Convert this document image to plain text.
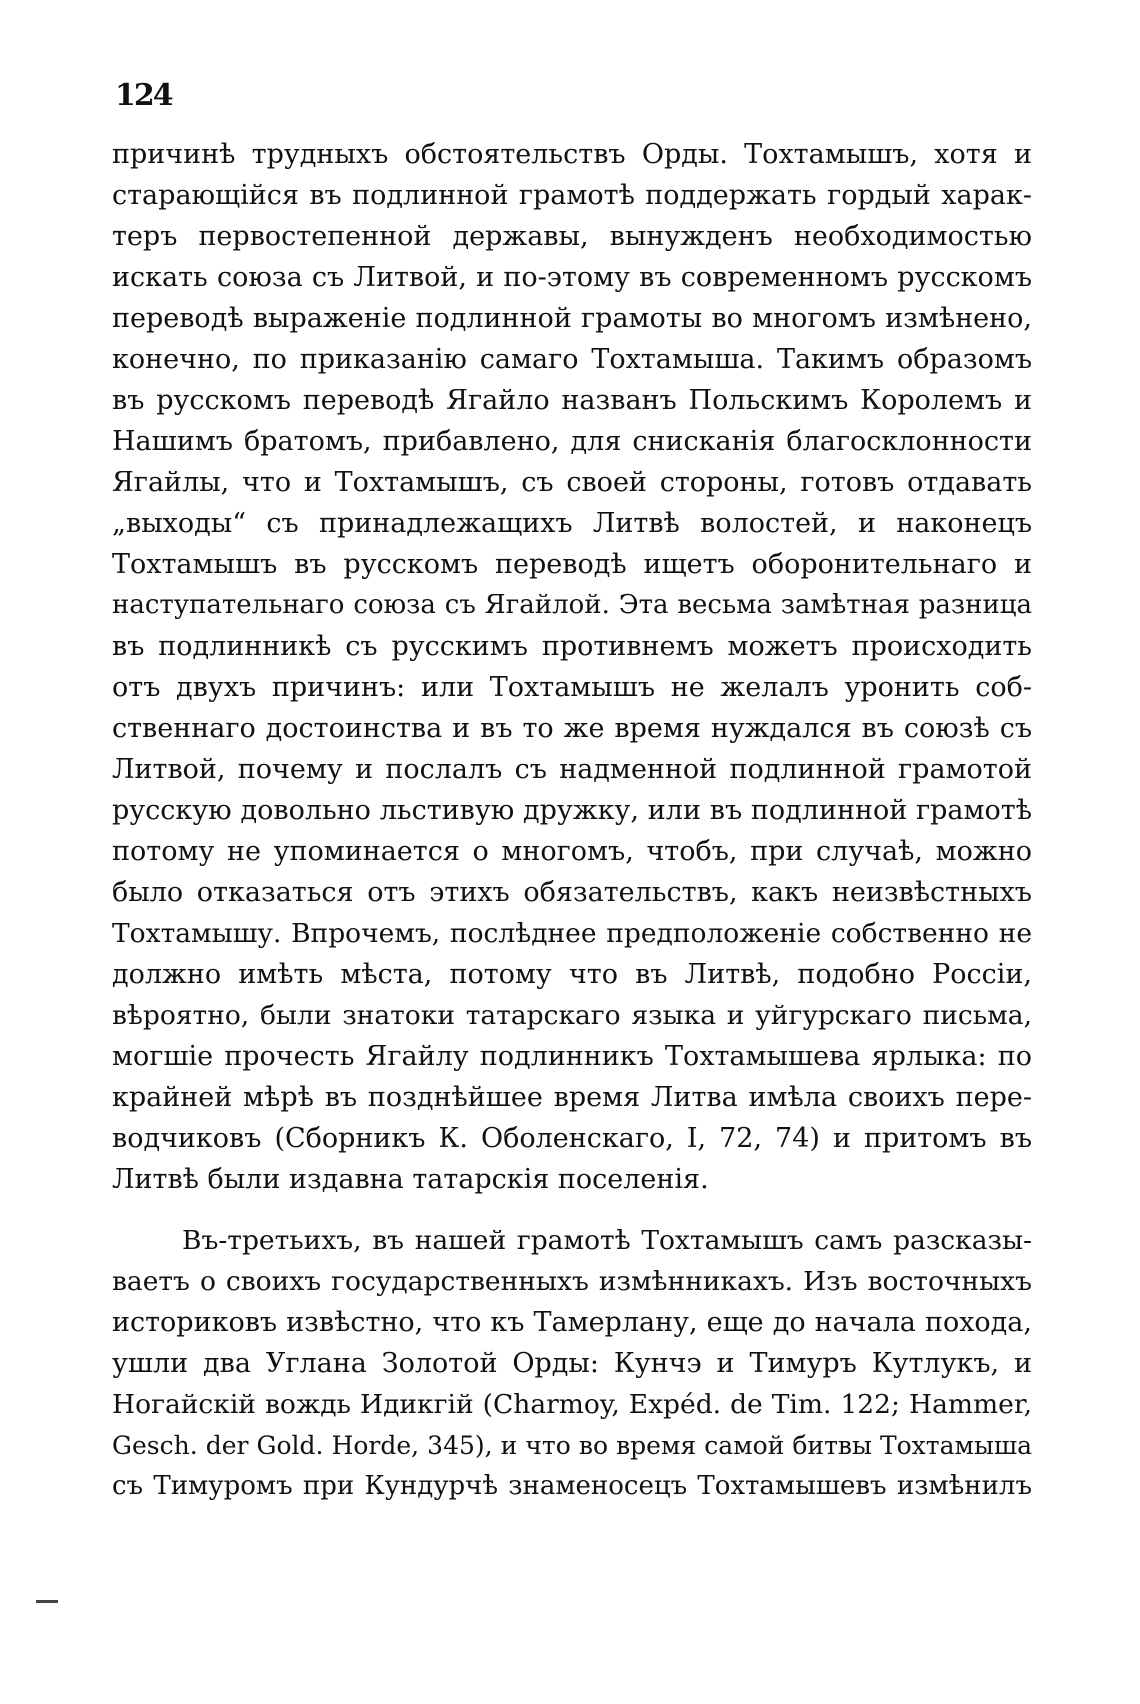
124
причинѣ трудныхъ обстоятельствъ Орды. Тохтамышъ, хотя и
старающійся въ подлинной грамотѣ поддержать гордый харак-
теръ первостепенной державы, вынужденъ необходимостью
искать союза съ Литвой, и по-этому въ современномъ русскомъ
переводѣ выраженіе подлинной грамоты во многомъ измѣнено,
конечно, по приказанію самаго Тохтамыша. Такимъ образомъ
въ русскомъ переводѣ Ягайло названъ Польскимъ Королемъ и
Нашимъ братомъ, прибавлено, для снисканія благосклонности
Ягайлы, что и Тохтамышъ, съ своей стороны, готовъ отдавать
„выходы“ съ принадлежащихъ Литвѣ волостей, и наконецъ
Тохтамышъ въ русскомъ переводѣ ищетъ оборонительнаго и
наступательнаго союза съ Ягайлой. Эта весьма замѣтная разница
въ подлинникѣ съ русскимъ противнемъ можетъ происходить
отъ двухъ причинъ: или Тохтамышъ не желалъ уронить соб-
ственнаго достоинства и въ то же время нуждался въ союзѣ съ
Литвой, почему и послалъ съ надменной подлинной грамотой
русскую довольно льстивую дружку, или въ подлинной грамотѣ
потому не упоминается о многомъ, чтобъ, при случаѣ, можно
было отказаться отъ этихъ обязательствъ, какъ неизвѣстныхъ
Тохтамышу. Впрочемъ, послѣднее предположеніе собственно не
должно имѣть мѣста, потому что въ Литвѣ, подобно Россіи,
вѣроятно, были знатоки татарскаго языка и уйгурскаго письма,
могшіе прочесть Ягайлу подлинникъ Тохтамышева ярлыка: по
крайней мѣрѣ въ позднѣйшее время Литва имѣла своихъ пере-
водчиковъ (Сборникъ К. Оболенскаго, I, 72, 74) и притомъ въ
Литвѣ были издавна татарскія поселенія.
Въ-третьихъ, въ нашей грамотѣ Тохтамышъ самъ разсказы-
ваетъ о своихъ государственныхъ измѣнникахъ. Изъ восточныхъ
историковъ извѣстно, что къ Тамерлану, еще до начала похода,
ушли два Углана Золотой Орды: Кунчэ и Тимуръ Кутлукъ, и
Ногайскій вождь Идикгій (Charmoy, Expéd. de Tim. 122; Hammer,
Gesch. der Gold. Horde, 345), и что во время самой битвы Тохтамыша
съ Тимуромъ при Кундурчѣ знаменосецъ Тохтамышевъ измѣнилъ
